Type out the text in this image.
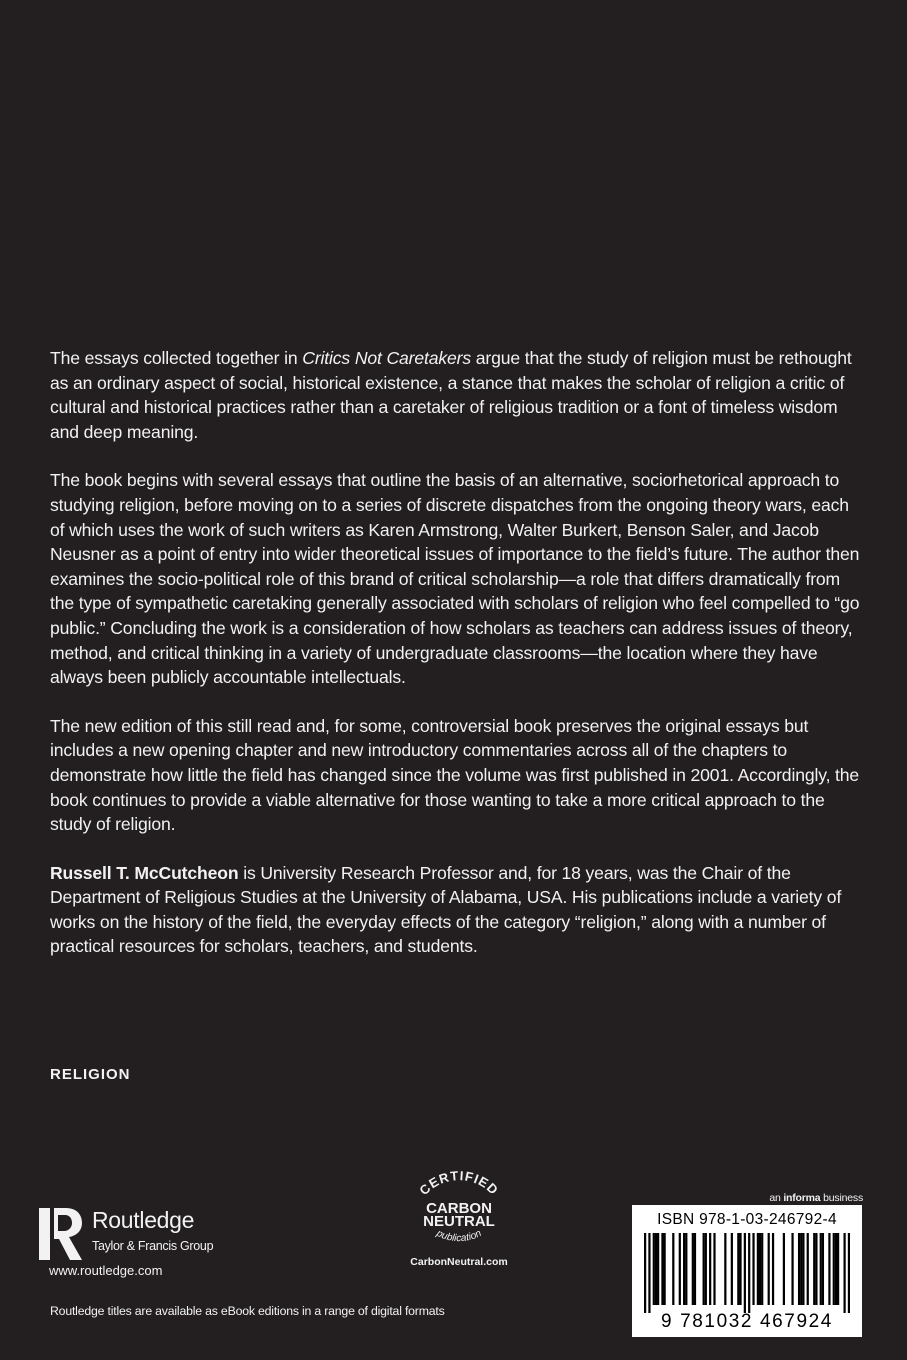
The essays collected together in Critics Not Caretakers argue that the study of religion must be rethought as an ordinary aspect of social, historical existence, a stance that makes the scholar of religion a critic of cultural and historical practices rather than a caretaker of religious tradition or a font of timeless wisdom and deep meaning.

The book begins with several essays that outline the basis of an alternative, sociorhetorical approach to studying religion, before moving on to a series of discrete dispatches from the ongoing theory wars, each of which uses the work of such writers as Karen Armstrong, Walter Burkert, Benson Saler, and Jacob Neusner as a point of entry into wider theoretical issues of importance to the field’s future. The author then examines the socio-political role of this brand of critical scholarship—a role that differs dramatically from the type of sympathetic caretaking generally associated with scholars of religion who feel compelled to “go public.” Concluding the work is a consideration of how scholars as teachers can address issues of theory, method, and critical thinking in a variety of undergraduate classrooms—the location where they have always been publicly accountable intellectuals.

The new edition of this still read and, for some, controversial book preserves the original essays but includes a new opening chapter and new introductory commentaries across all of the chapters to demonstrate how little the field has changed since the volume was first published in 2001. Accordingly, the book continues to provide a viable alternative for those wanting to take a more critical approach to the study of religion.

Russell T. McCutcheon is University Research Professor and, for 18 years, was the Chair of the Department of Religious Studies at the University of Alabama, USA. His publications include a variety of works on the history of the field, the everyday effects of the category “religion,” along with a number of practical resources for scholars, teachers, and students.

RELIGION
Routledge
Taylor & Francis Group
www.routledge.com
Routledge titles are available as eBook editions in a range of digital formats
CERTIFIED
CARBON
NEUTRAL
publication
CarbonNeutral.com
an informa business
ISBN 978-1-03-246792-4
9 781032 467924
